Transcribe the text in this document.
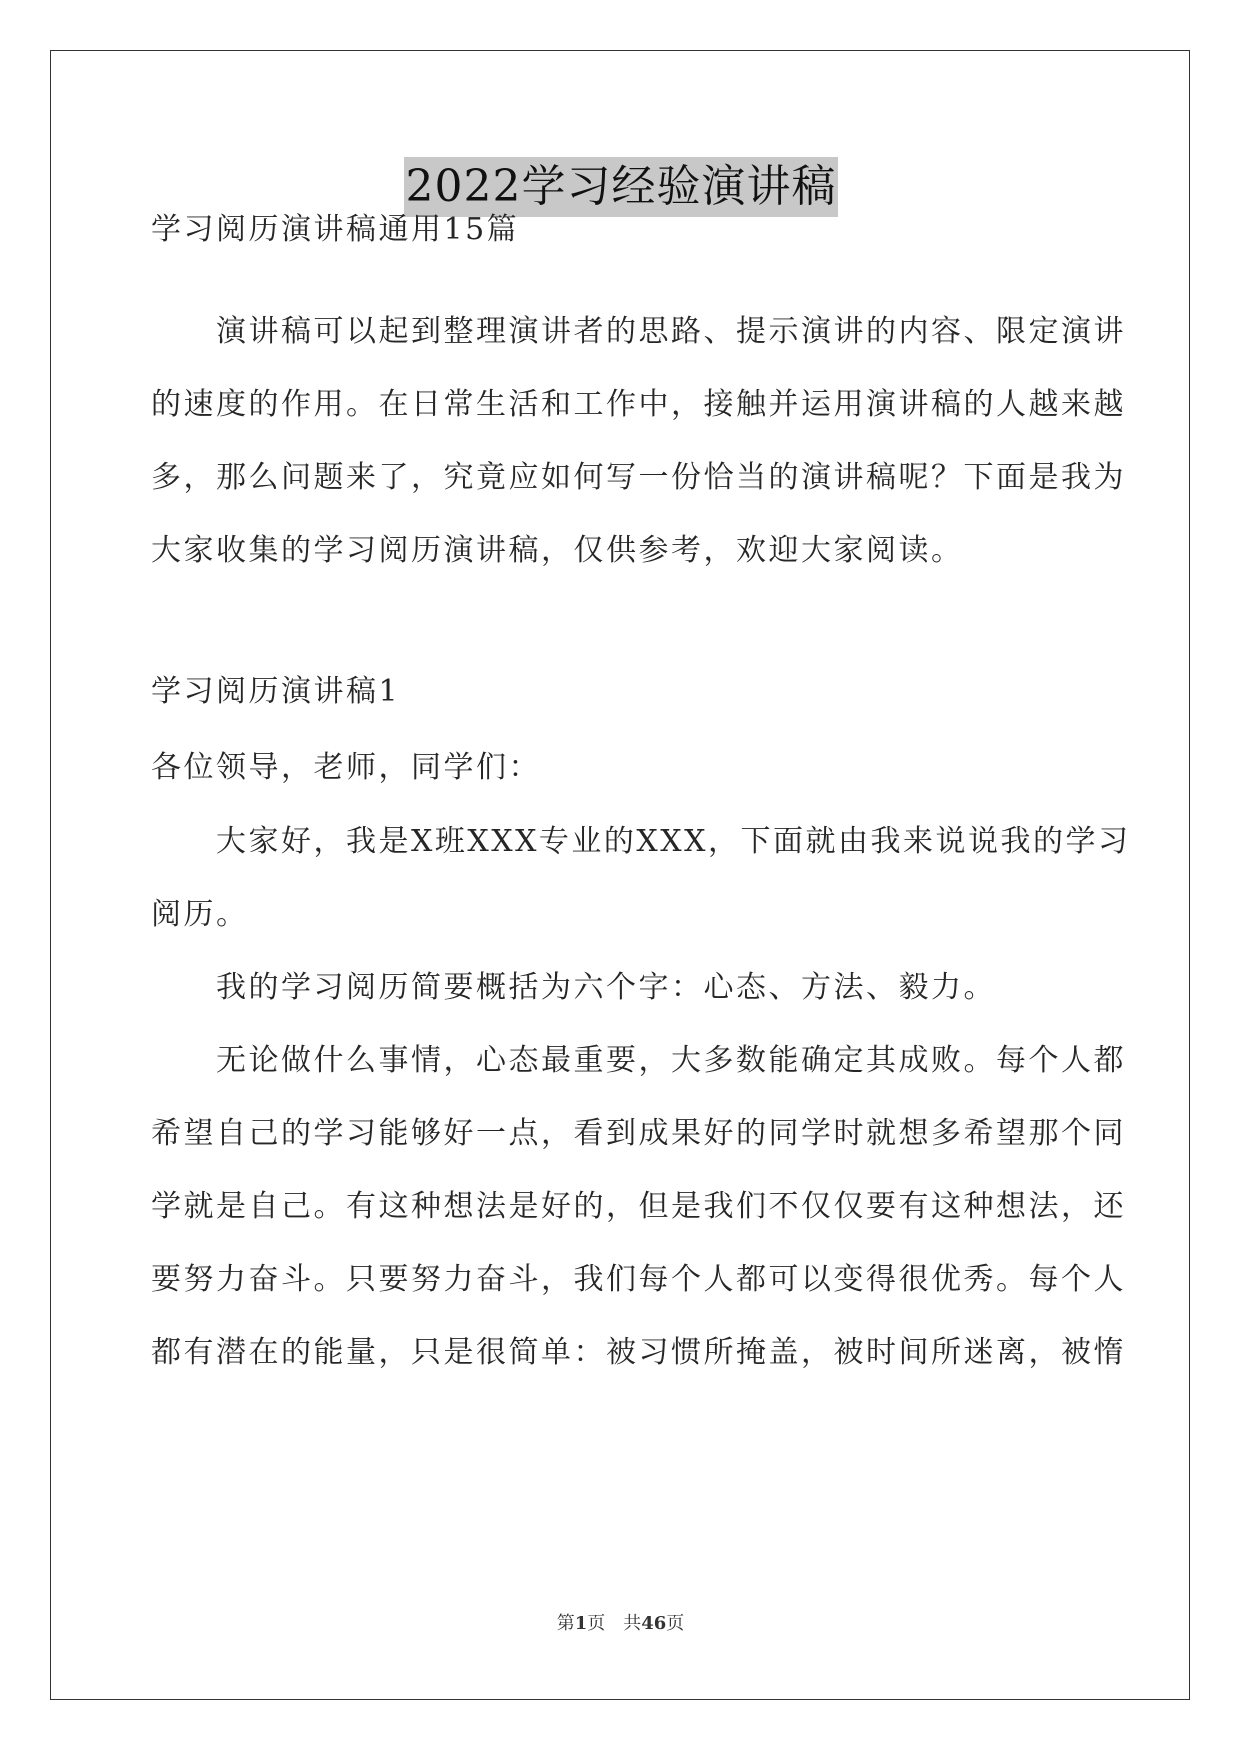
2022学习经验演讲稿
学习阅历演讲稿通用15篇
　　演讲稿可以起到整理演讲者的思路、提示演讲的内容、限定演讲
的速度的作用。在日常生活和工作中，接触并运用演讲稿的人越来越
多，那么问题来了，究竟应如何写一份恰当的演讲稿呢？下面是我为
大家收集的学习阅历演讲稿，仅供参考，欢迎大家阅读。
学习阅历演讲稿1
各位领导，老师，同学们：
　　大家好，我是X班XXX专业的XXX，下面就由我来说说我的学习
阅历。
　　我的学习阅历简要概括为六个字：心态、方法、毅力。
　　无论做什么事情，心态最重要，大多数能确定其成败。每个人都
希望自己的学习能够好一点，看到成果好的同学时就想多希望那个同
学就是自己。有这种想法是好的，但是我们不仅仅要有这种想法，还
要努力奋斗。只要努力奋斗，我们每个人都可以变得很优秀。每个人
都有潜在的能量，只是很简单：被习惯所掩盖，被时间所迷离，被惰
第1页　共46页
